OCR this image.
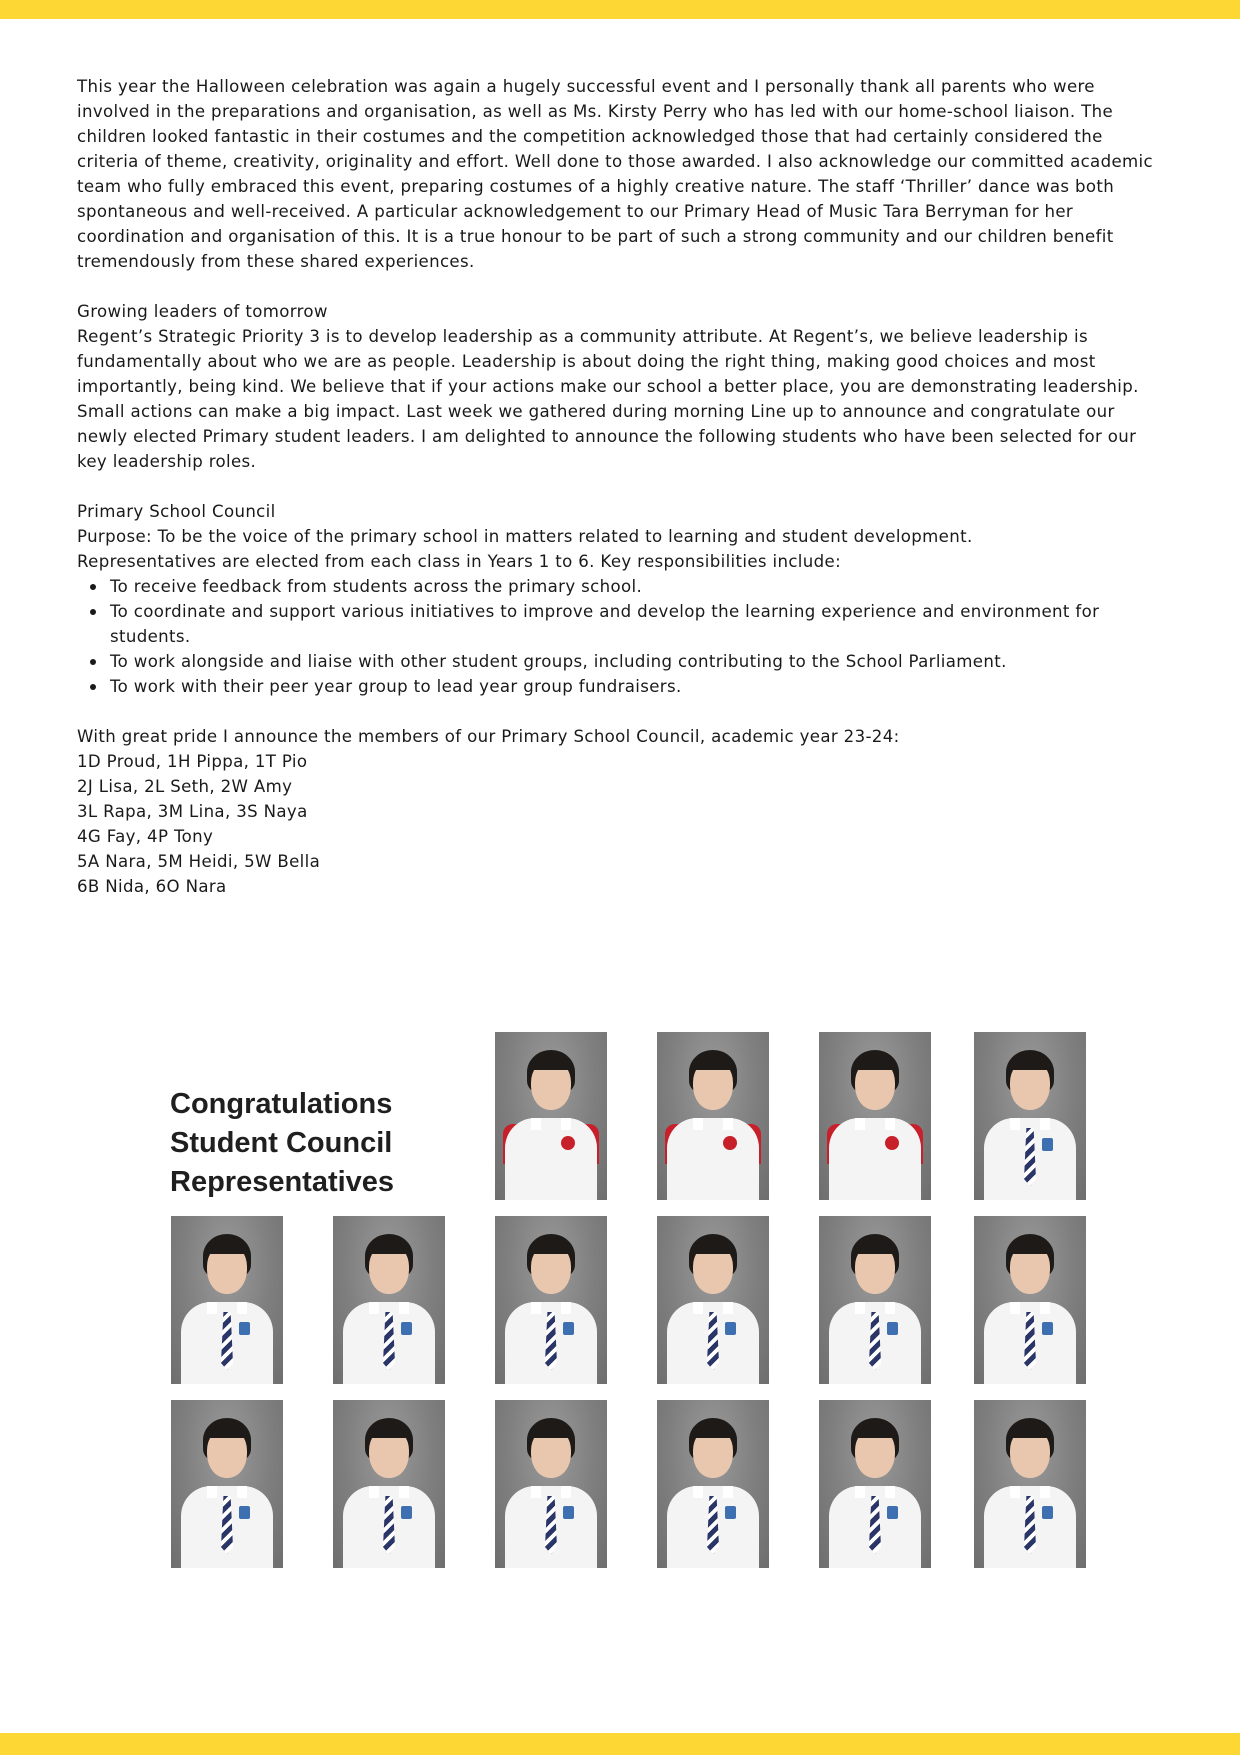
This year the Halloween celebration was again a hugely successful event and I personally thank all parents who were involved in the preparations and organisation, as well as Ms. Kirsty Perry who has led with our home-school liaison. The children looked fantastic in their costumes and the competition acknowledged those that had certainly considered the criteria of theme, creativity, originality and effort. Well done to those awarded. I also acknowledge our committed academic team who fully embraced this event, preparing costumes of a highly creative nature. The staff ‘Thriller’ dance was both spontaneous and well-received. A particular acknowledgement to our Primary Head of Music Tara Berryman for her coordination and organisation of this. It is a true honour to be part of such a strong community and our children benefit tremendously from these shared experiences.

Growing leaders of tomorrow

Regent’s Strategic Priority 3 is to develop leadership as a community attribute. At Regent’s, we believe leadership is fundamentally about who we are as people. Leadership is about doing the right thing, making good choices and most importantly, being kind. We believe that if your actions make our school a better place, you are demonstrating leadership. Small actions can make a big impact. Last week we gathered during morning Line up to announce and congratulate our newly elected Primary student leaders. I am delighted to announce the following students who have been selected for our key leadership roles.

Primary School Council

Purpose: To be the voice of the primary school in matters related to learning and student development.

Representatives are elected from each class in Years 1 to 6. Key responsibilities include:

To receive feedback from students across the primary school.
To coordinate and support various initiatives to improve and develop the learning experience and environment for students.
To work alongside and liaise with other student groups, including contributing to the School Parliament.
To work with their peer year group to lead year group fundraisers.

With great pride I announce the members of our Primary School Council, academic year 23-24:

1D Proud, 1H Pippa, 1T Pio

2J Lisa, 2L Seth, 2W Amy

3L Rapa, 3M Lina, 3S Naya

4G Fay, 4P Tony

5A Nara, 5M Heidi, 5W Bella

6B Nida, 6O Nara

Congratulations
Student Council
Representatives
